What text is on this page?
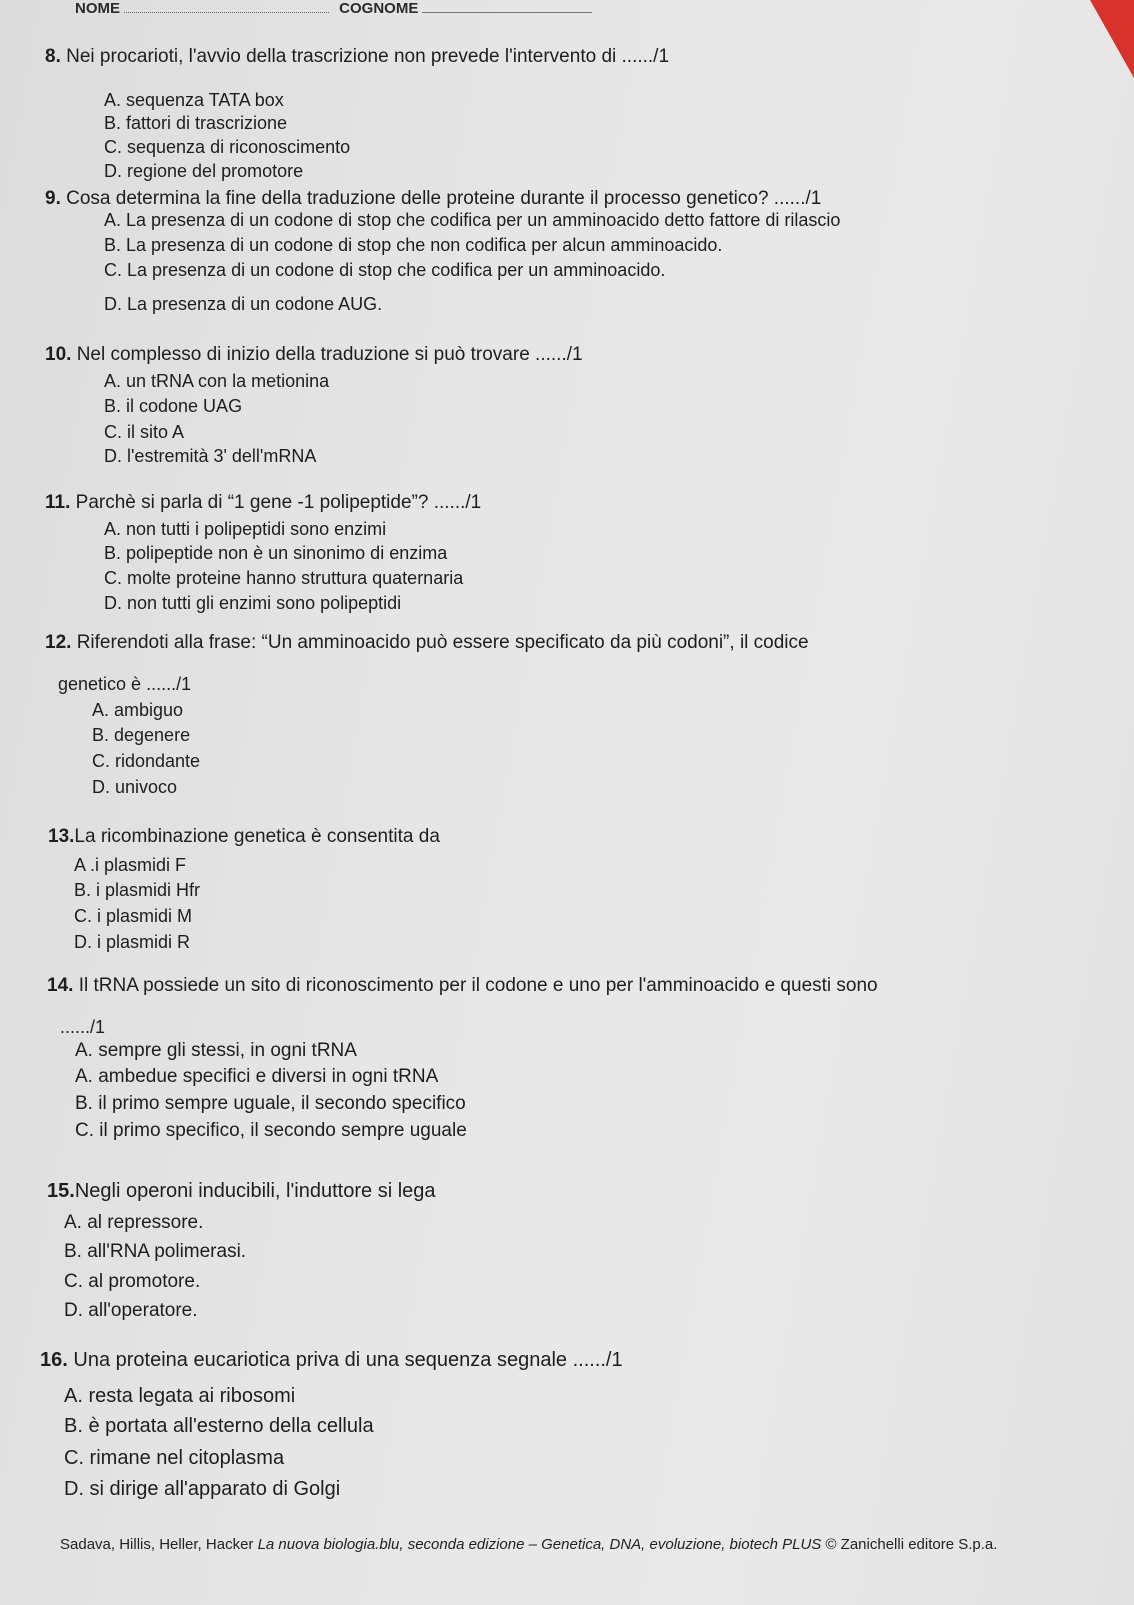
NOME	COGNOME
8. Nei procarioti, l'avvio della trascrizione non prevede l'intervento di ....../1
A. sequenza TATA box
B. fattori di trascrizione
C. sequenza di riconoscimento
D. regione del promotore
9. Cosa determina la fine della traduzione delle proteine durante il processo genetico? ....../1
A. La presenza di un codone di stop che codifica per un amminoacido detto fattore di rilascio
B. La presenza di un codone di stop che non codifica per alcun amminoacido.
C. La presenza di un codone di stop che codifica per un amminoacido.
D. La presenza di un codone AUG.
10. Nel complesso di inizio della traduzione si può trovare ....../1
A. un tRNA con la metionina
B. il codone UAG
C. il sito A
D. l'estremità 3' dell'mRNA
11. Parchè si parla di “1 gene -1 polipeptide”? ....../1
A. non tutti i polipeptidi sono enzimi
B. polipeptide non è un sinonimo di enzima
C. molte proteine hanno struttura quaternaria
D. non tutti gli enzimi sono polipeptidi
12. Riferendoti alla frase: “Un amminoacido può essere specificato da più codoni”, il codice
genetico è ....../1
A. ambiguo
B. degenere
C. ridondante
D. univoco
13.La ricombinazione genetica è consentita da
A .i plasmidi F
B. i plasmidi Hfr
C. i plasmidi M
D. i plasmidi R
14. Il tRNA possiede un sito di riconoscimento per il codone e uno per l'amminoacido e questi sono
....../1
A. sempre gli stessi, in ogni tRNA
A. ambedue specifici e diversi in ogni tRNA
B. il primo sempre uguale, il secondo specifico
C. il primo specifico, il secondo sempre uguale
15.Negli operoni inducibili, l'induttore si lega
A. al repressore.
B. all'RNA polimerasi.
C. al promotore.
D. all'operatore.
16. Una proteina eucariotica priva di una sequenza segnale ....../1
A. resta legata ai ribosomi
B. è portata all'esterno della cellula
C. rimane nel citoplasma
D. si dirige all'apparato di Golgi
Sadava, Hillis, Heller, Hacker La nuova biologia.blu, seconda edizione – Genetica, DNA, evoluzione, biotech PLUS © Zanichelli editore S.p.a.
